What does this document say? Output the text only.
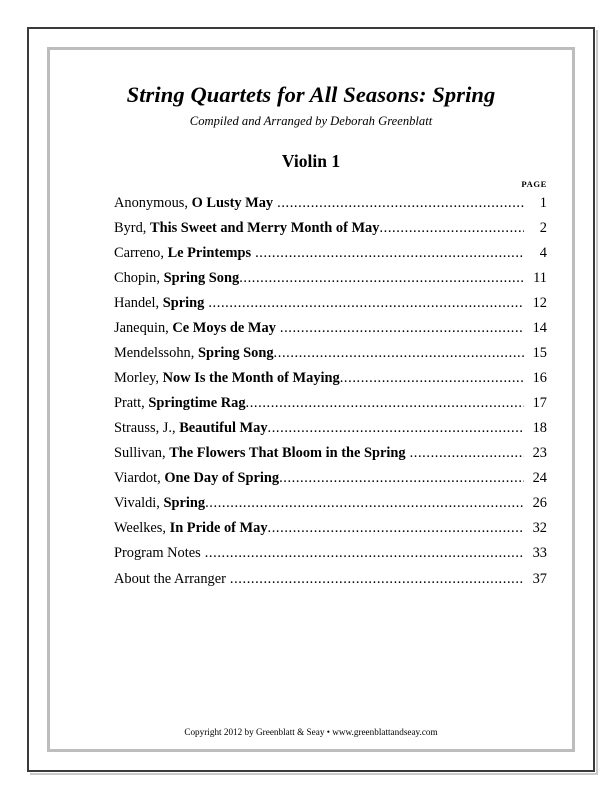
String Quartets for All Seasons: Spring
Compiled and Arranged by Deborah Greenblatt
Violin 1
PAGE
Anonymous, O Lusty May .....	1
Byrd, This Sweet and Merry Month of May .....	2
Carreno, Le Printemps .....	4
Chopin, Spring Song .....	11
Handel, Spring .....	12
Janequin, Ce Moys de May .....	14
Mendelssohn, Spring Song .....	15
Morley, Now Is the Month of Maying .....	16
Pratt, Springtime Rag .....	17
Strauss, J., Beautiful May .....	18
Sullivan, The Flowers That Bloom in the Spring .....	23
Viardot, One Day of Spring .....	24
Vivaldi, Spring .....	26
Weelkes, In Pride of May .....	32
Program Notes .....	33
About the Arranger .....	37
Copyright 2012 by Greenblatt & Seay • www.greenblattandseay.com
